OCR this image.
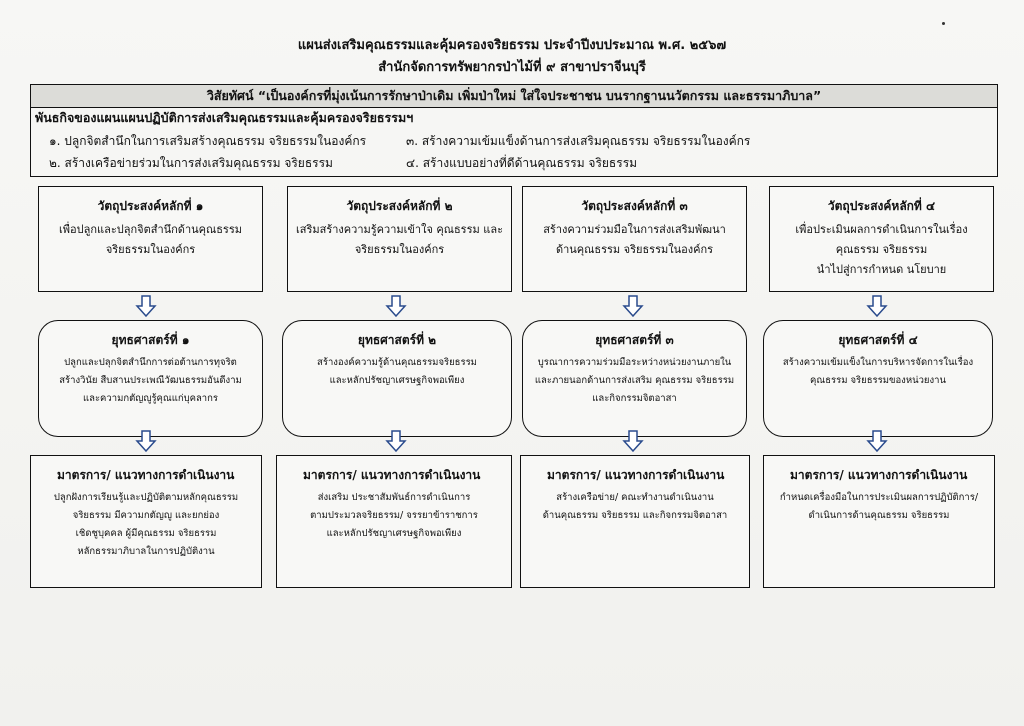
แผนส่งเสริมคุณธรรมและคุ้มครองจริยธรรม ประจำปีงบประมาณ พ.ศ. ๒๕๖๗
สำนักจัดการทรัพยากรป่าไม้ที่ ๙ สาขาปราจีนบุรี
วิสัยทัศน์ “เป็นองค์กรที่มุ่งเน้นการรักษาป่าเดิม เพิ่มป่าใหม่ ใส่ใจประชาชน บนรากฐานนวัตกรรม และธรรมาภิบาล”
พันธกิจของแผนแผนปฏิบัติการส่งเสริมคุณธรรมและคุ้มครองจริยธรรมฯ
๑. ปลูกจิตสำนึกในการเสริมสร้างคุณธรรม จริยธรรมในองค์กร
๒. สร้างเครือข่ายร่วมในการส่งเสริมคุณธรรม จริยธรรม
๓. สร้างความเข้มแข็งด้านการส่งเสริมคุณธรรม จริยธรรมในองค์กร
๔. สร้างแบบอย่างที่ดีด้านคุณธรรม จริยธรรม
วัตถุประสงค์หลักที่ ๑
เพื่อปลูกและปลุกจิตสำนึกด้านคุณธรรม
จริยธรรมในองค์กร
ยุทธศาสตร์ที่ ๑
ปลูกและปลุกจิตสำนึกการต่อต้านการทุจริต
สร้างวินัย สืบสานประเพณีวัฒนธรรมอันดีงาม
และความกตัญญูรู้คุณแก่บุคลากร
มาตรการ/ แนวทางการดำเนินงาน
ปลูกฝังการเรียนรู้และปฏิบัติตามหลักคุณธรรม
จริยธรรม มีความกตัญญู และยกย่อง
เชิดชูบุคคล ผู้มีคุณธรรม จริยธรรม
หลักธรรมาภิบาลในการปฏิบัติงาน
วัตถุประสงค์หลักที่ ๒
เสริมสร้างความรู้ความเข้าใจ คุณธรรม และ
จริยธรรมในองค์กร
ยุทธศาสตร์ที่ ๒
สร้างองค์ความรู้ด้านคุณธรรมจริยธรรม
และหลักปรัชญาเศรษฐกิจพอเพียง
มาตรการ/ แนวทางการดำเนินงาน
ส่งเสริม ประชาสัมพันธ์การดำเนินการ
ตามประมวลจริยธรรม/ จรรยาข้าราชการ
และหลักปรัชญาเศรษฐกิจพอเพียง
วัตถุประสงค์หลักที่ ๓
สร้างความร่วมมือในการส่งเสริมพัฒนา
ด้านคุณธรรม จริยธรรมในองค์กร
ยุทธศาสตร์ที่ ๓
บูรณาการความร่วมมือระหว่างหน่วยงานภายใน
และภายนอกด้านการส่งเสริม คุณธรรม จริยธรรม
และกิจกรรมจิตอาสา
มาตรการ/ แนวทางการดำเนินงาน
สร้างเครือข่าย/ คณะทำงานดำเนินงาน
ด้านคุณธรรม จริยธรรม และกิจกรรมจิตอาสา
วัตถุประสงค์หลักที่ ๔
เพื่อประเมินผลการดำเนินการในเรื่อง
คุณธรรม จริยธรรม
นำไปสู่การกำหนด นโยบาย
ยุทธศาสตร์ที่ ๔
สร้างความเข้มแข็งในการบริหารจัดการในเรื่อง
คุณธรรม จริยธรรมของหน่วยงาน
มาตรการ/ แนวทางการดำเนินงาน
กำหนดเครื่องมือในการประเมินผลการปฏิบัติการ/
ดำเนินการด้านคุณธรรม จริยธรรม
